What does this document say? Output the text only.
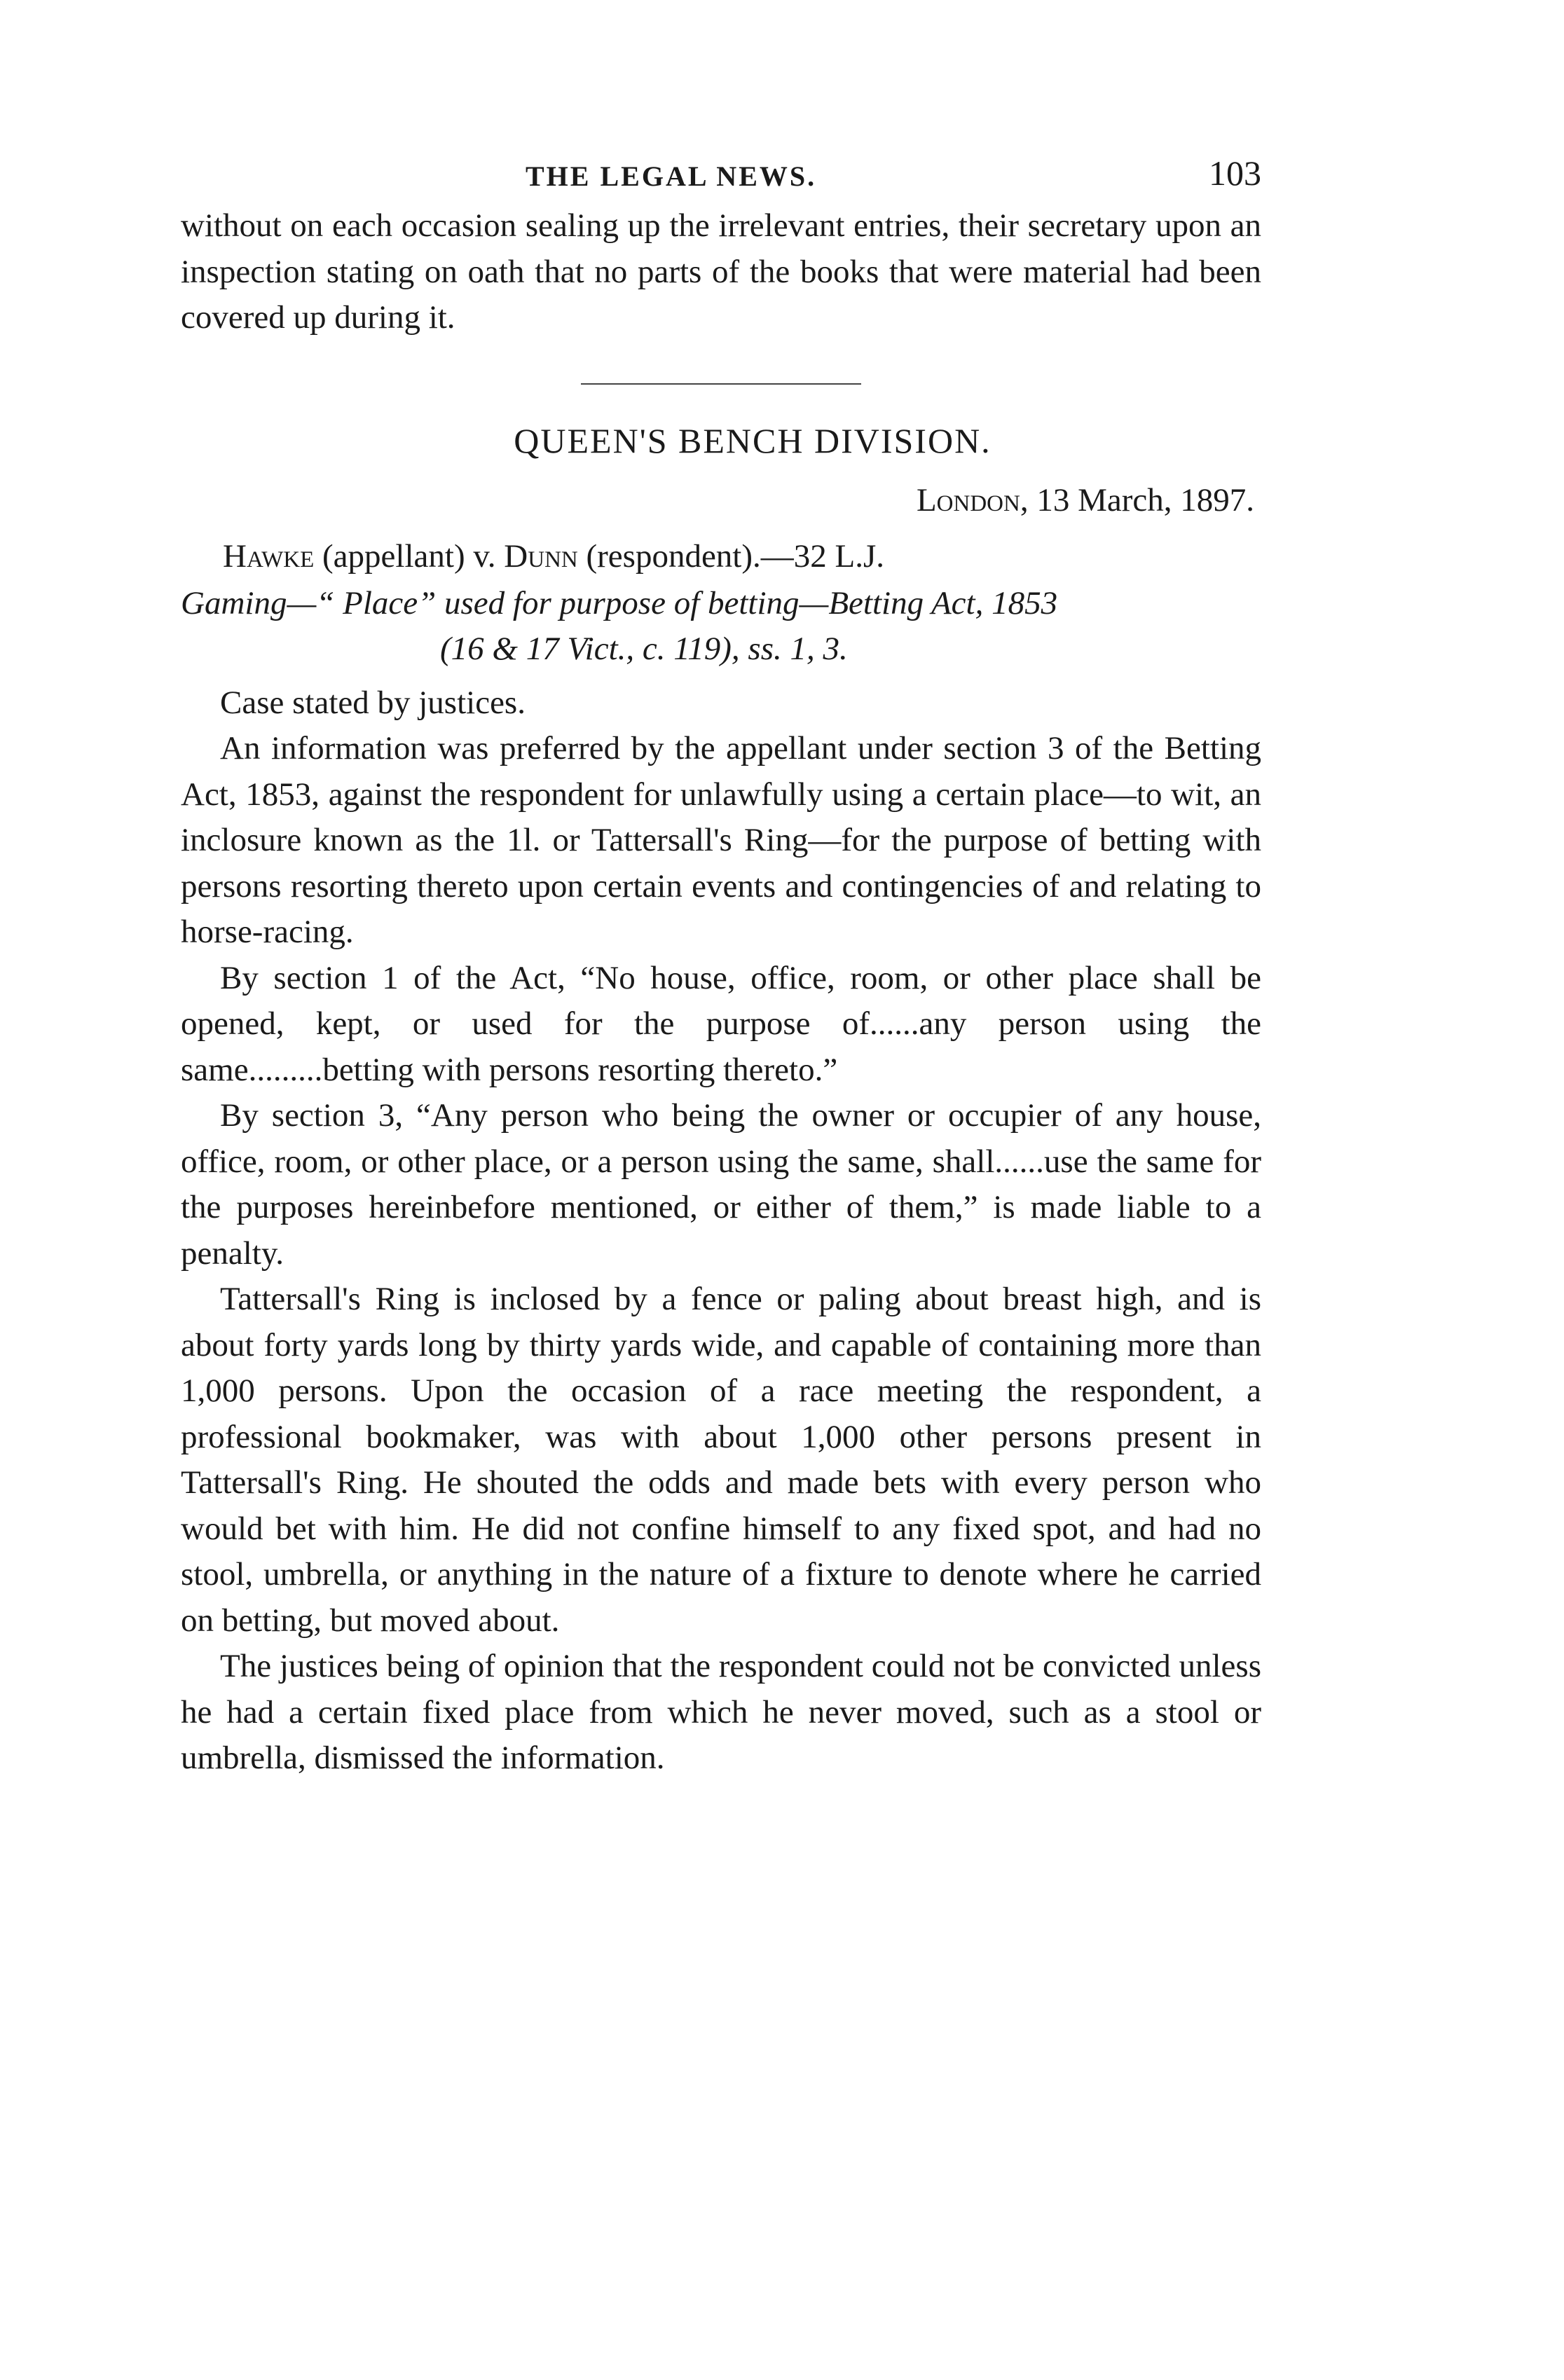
THE LEGAL NEWS.	103

without on each occasion sealing up the irrelevant entries, their secretary upon an inspection stating on oath that no parts of the books that were material had been covered up during it.

QUEEN'S BENCH DIVISION.
London, 13 March, 1897.
Hawke (appellant) v. Dunn (respondent).—32 L.J.
Gaming—“ Place” used for purpose of betting—Betting Act, 1853
(16 & 17 Vict., c. 119), ss. 1, 3.

Case stated by justices.

An information was preferred by the appellant under section 3 of the Betting Act, 1853, against the respondent for unlawfully using a certain place—to wit, an inclosure known as the 1l. or Tattersall's Ring—for the purpose of betting with persons resorting thereto upon certain events and contingencies of and relating to horse-racing.

By section 1 of the Act, “No house, office, room, or other place shall be opened, kept, or used for the purpose of......any person using the same.........betting with persons resorting thereto.”

By section 3, “Any person who being the owner or occupier of any house, office, room, or other place, or a person using the same, shall......use the same for the purposes hereinbefore mentioned, or either of them,” is made liable to a penalty.

Tattersall's Ring is inclosed by a fence or paling about breast high, and is about forty yards long by thirty yards wide, and capable of containing more than 1,000 persons. Upon the occasion of a race meeting the respondent, a professional bookmaker, was with about 1,000 other persons present in Tattersall's Ring. He shouted the odds and made bets with every person who would bet with him. He did not confine himself to any fixed spot, and had no stool, umbrella, or anything in the nature of a fixture to denote where he carried on betting, but moved about.

The justices being of opinion that the respondent could not be convicted unless he had a certain fixed place from which he never moved, such as a stool or umbrella, dismissed the information.
